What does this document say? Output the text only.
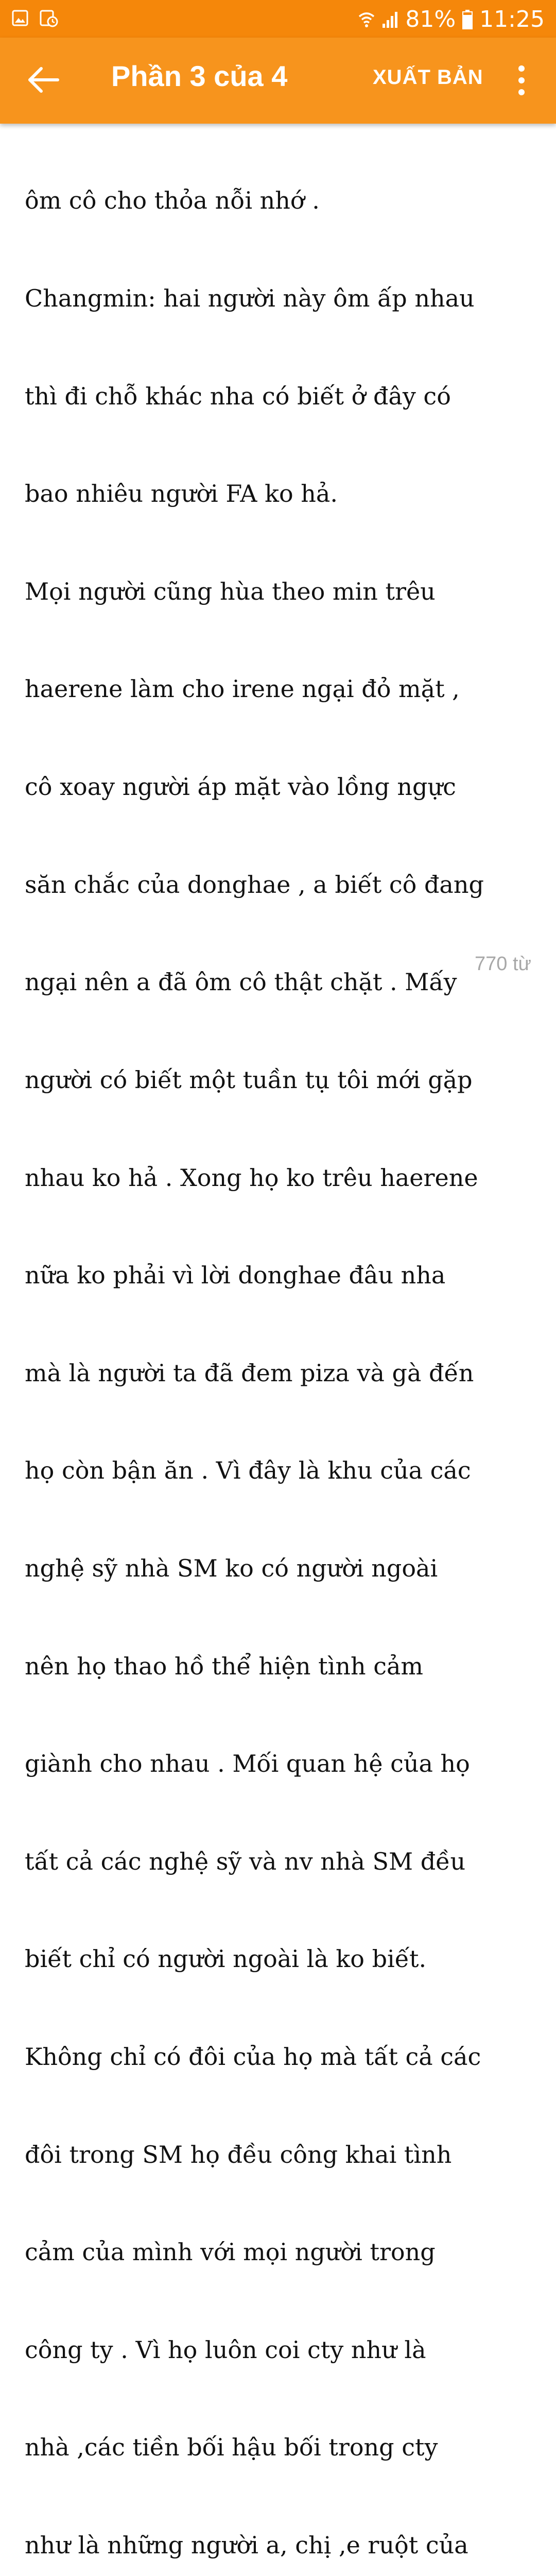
81% 11:25
Phần 3 của 4	XUẤT BẢN

ôm cô cho thỏa nỗi nhớ .

Changmin: hai người này ôm ấp nhau

thì đi chỗ khác nha có biết ở đây có

bao nhiêu người FA ko hả.

Mọi người cũng hùa theo min trêu

haerene làm cho irene ngại đỏ mặt ,

cô xoay người áp mặt vào lồng ngực

săn chắc của donghae , a biết cô đang

ngại nên a đã ôm cô thật chặt . Mấy

người có biết một tuần tụ tôi mới gặp

nhau ko hả . Xong họ ko trêu haerene

nữa ko phải vì lời donghae đâu nha

mà là người ta đã đem piza và gà đến

họ còn bận ăn . Vì đây là khu của các

nghệ sỹ nhà SM ko có người ngoài

nên họ thao hồ thể hiện tình cảm

giành cho nhau . Mối quan hệ của họ

tất cả các nghệ sỹ và nv nhà SM đều

biết chỉ có người ngoài là ko biết.

Không chỉ có đôi của họ mà tất cả các

đôi trong SM họ đều công khai tình

cảm của mình với mọi người trong

công ty . Vì họ luôn coi cty như là

nhà ,các tiền bối hậu bối trong cty

như là những người a, chị ,e ruột của

770 từ
